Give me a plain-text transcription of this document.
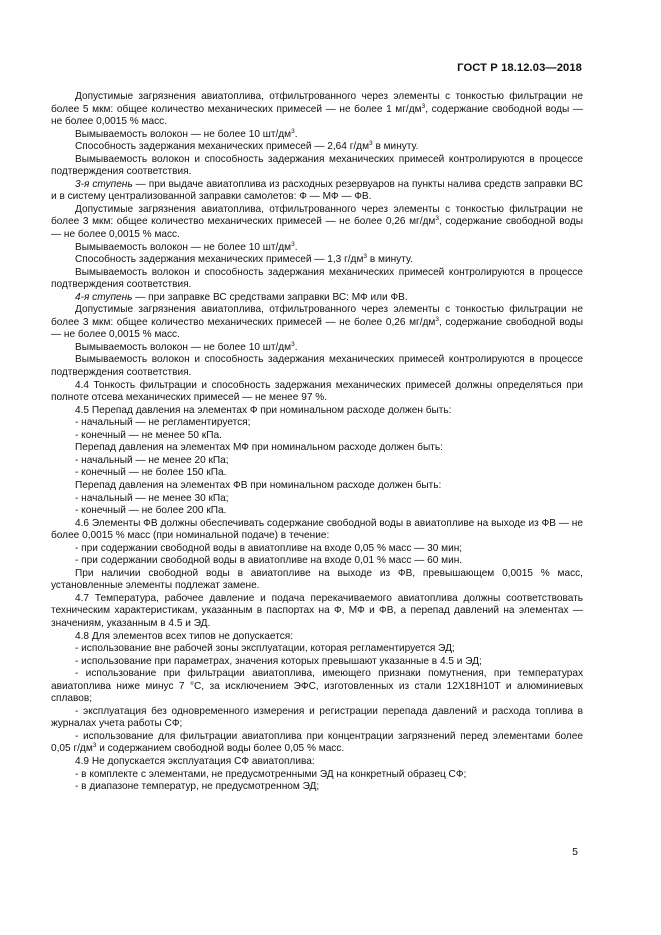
ГОСТ Р 18.12.03—2018

Допустимые загрязнения авиатоплива, отфильтрованного через элементы с тонкостью фильтрации не более 5 мкм: общее количество механических примесей — не более 1 $мг/дм^3$, содержание свободной воды — не более 0,0015 % масс.

Вымываемость волокон — не более 10 $шт/дм^3$.

Способность задержания механических примесей — 2,64 $г/дм^3$ в минуту.

Вымываемость волокон и способность задержания механических примесей контролируются в процессе подтверждения соответствия.

3-я ступень — при выдаче авиатоплива из расходных резервуаров на пункты налива средств заправки ВС и в систему централизованной заправки самолетов: Ф — МФ — ФВ.

Допустимые загрязнения авиатоплива, отфильтрованного через элементы с тонкостью фильтрации не более 3 мкм: общее количество механических примесей — не более 0,26 $мг/дм^3$, содержание свободной воды — не более 0,0015 % масс.

Вымываемость волокон — не более 10 $шт/дм^3$.

Способность задержания механических примесей — 1,3 $г/дм^3$ в минуту.

Вымываемость волокон и способность задержания механических примесей контролируются в процессе подтверждения соответствия.

4-я ступень — при заправке ВС средствами заправки ВС: МФ или ФВ.

Допустимые загрязнения авиатоплива, отфильтрованного через элементы с тонкостью фильтрации не более 3 мкм: общее количество механических примесей — не более 0,26 $мг/дм^3$, содержание свободной воды — не более 0,0015 % масс.

Вымываемость волокон — не более 10 $шт/дм^3$.

Вымываемость волокон и способность задержания механических примесей контролируются в процессе подтверждения соответствия.

4.4 Тонкость фильтрации и способность задержания механических примесей должны определяться при полноте отсева механических примесей — не менее 97 %.

4.5 Перепад давления на элементах Ф при номинальном расходе должен быть:

- начальный — не регламентируется;

- конечный — не менее 50 кПа.

Перепад давления на элементах МФ при номинальном расходе должен быть:

- начальный — не менее 20 кПа;

- конечный — не более 150 кПа.

Перепад давления на элементах ФВ при номинальном расходе должен быть:

- начальный — не менее 30 кПа;

- конечный — не более 200 кПа.

4.6 Элементы ФВ должны обеспечивать содержание свободной воды в авиатопливе на выходе из ФВ — не более 0,0015 % масс (при номинальной подаче) в течение:

- при содержании свободной воды в авиатопливе на входе 0,05 % масс — 30 мин;

- при содержании свободной воды в авиатопливе на входе 0,01 % масс — 60 мин.

При наличии свободной воды в авиатопливе на выходе из ФВ, превышающем 0,0015 % масс, установленные элементы подлежат замене.

4.7 Температура, рабочее давление и подача перекачиваемого авиатоплива должны соответствовать техническим характеристикам, указанным в паспортах на Ф, МФ и ФВ, а перепад давлений на элементах — значениям, указанным в 4.5 и ЭД.

4.8 Для элементов всех типов не допускается:

- использование вне рабочей зоны эксплуатации, которая регламентируется ЭД;

- использование при параметрах, значения которых превышают указанные в 4.5 и ЭД;

- использование при фильтрации авиатоплива, имеющего признаки помутнения, при температурах авиатоплива ниже минус 7 °С, за исключением ЭФС, изготовленных из стали 12Х18Н10Т и алюминиевых сплавов;

- эксплуатация без одновременного измерения и регистрации перепада давлений и расхода топлива в журналах учета работы СФ;

- использование для фильтрации авиатоплива при концентрации загрязнений перед элементами более 0,05 $г/дм^3$ и содержанием свободной воды более 0,05 % масс.

4.9 Не допускается эксплуатация СФ авиатоплива:

- в комплекте с элементами, не предусмотренными ЭД на конкретный образец СФ;

- в диапазоне температур, не предусмотренном ЭД;

5
